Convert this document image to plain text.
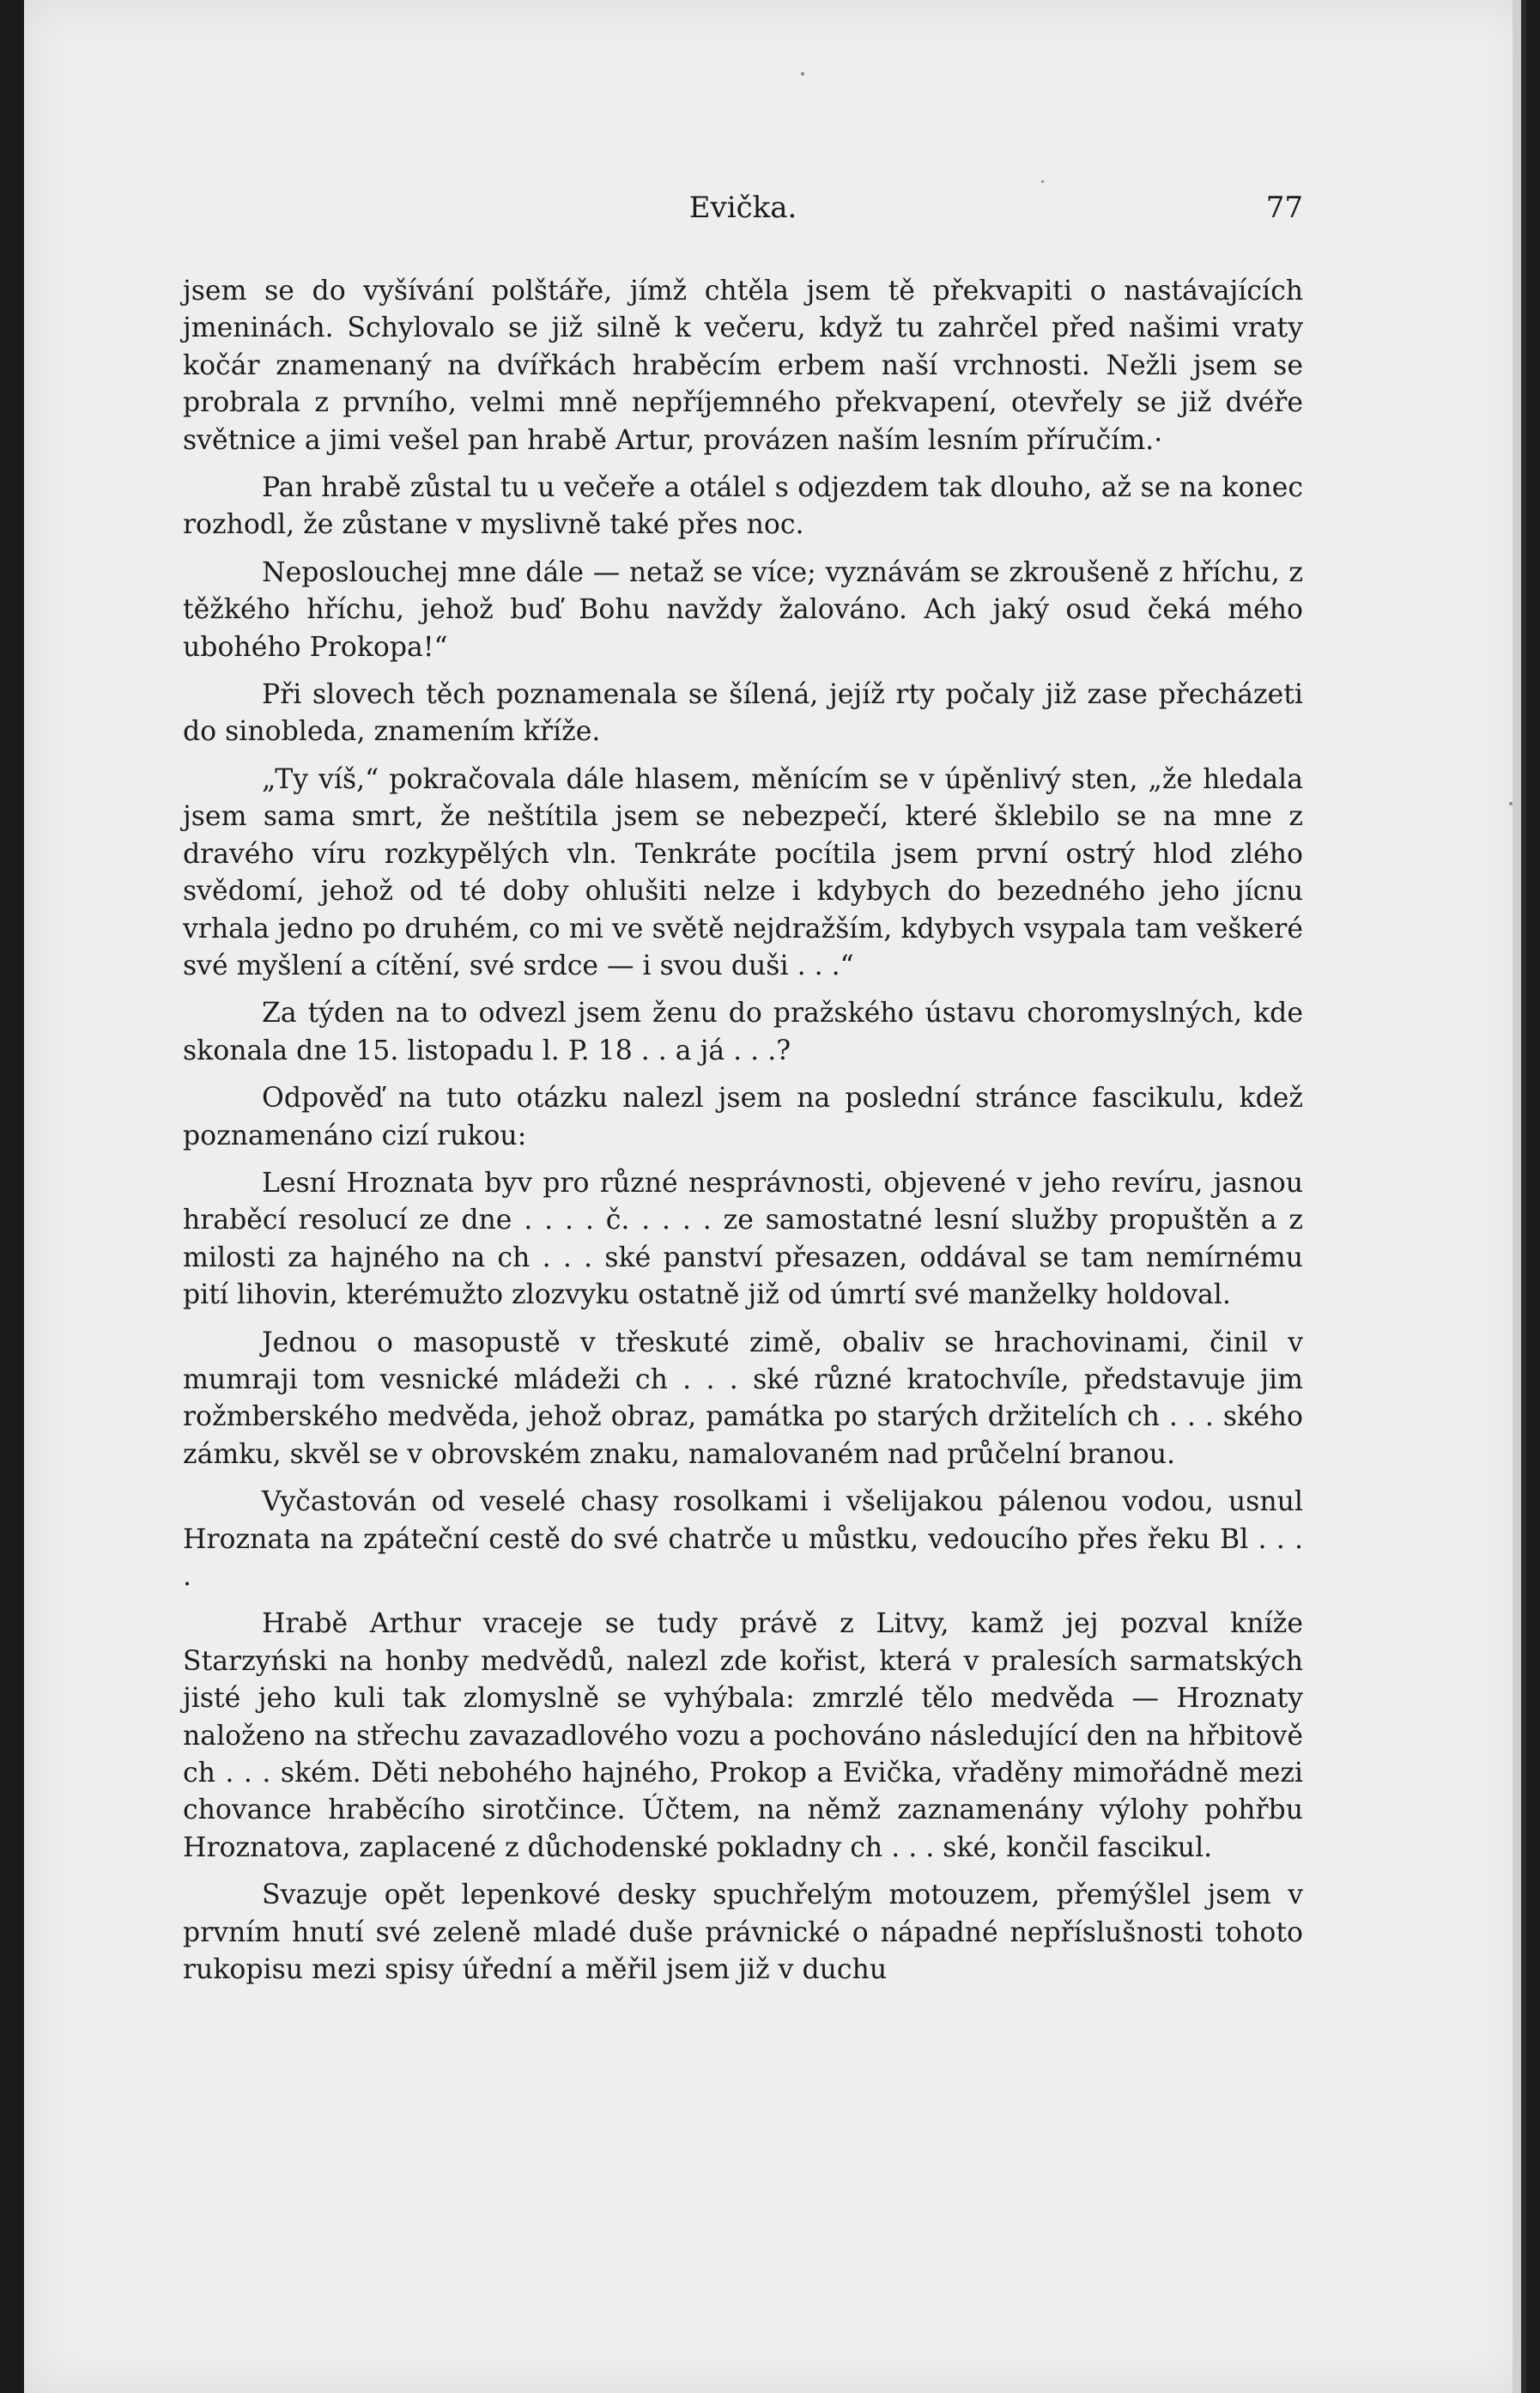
Evička.	77

jsem se do vyšívání polštáře, jímž chtěla jsem tě překvapiti o nastávajících jmeninách. Schylovalo se již silně k večeru, když tu zahrčel před našimi vraty kočár znamenaný na dvířkách hraběcím erbem naší vrchnosti. Nežli jsem se probrala z prvního, velmi mně nepříjemného překvapení, otevřely se již dvéře světnice a jimi vešel pan hrabě Artur, provázen naším lesním příručím.·

Pan hrabě zůstal tu u večeře a otálel s odjezdem tak dlouho, až se na konec rozhodl, že zůstane v myslivně také přes noc.

Neposlouchej mne dále — netaž se více; vyznávám se zkroušeně z hříchu, z těžkého hříchu, jehož buď Bohu navždy žalováno. Ach jaký osud čeká mého ubohého Prokopa!“

Při slovech těch poznamenala se šílená, jejíž rty počaly již zase přecházeti do sinobleda, znamením kříže.

„Ty víš,“ pokračovala dále hlasem, měnícím se v úpěnlivý sten, „že hledala jsem sama smrt, že neštítila jsem se nebezpečí, které šklebilo se na mne z dravého víru rozkypělých vln. Tenkráte pocítila jsem první ostrý hlod zlého svědomí, jehož od té doby ohlušiti nelze i kdybych do bezedného jeho jícnu vrhala jedno po druhém, co mi ve světě nejdražším, kdybych vsypala tam veškeré své myšlení a cítění, své srdce — i svou duši . . .“

Za týden na to odvezl jsem ženu do pražského ústavu choromyslných, kde skonala dne 15. listopadu l. P. 18 . . a já . . .?

Odpověď na tuto otázku nalezl jsem na poslední stránce fascikulu, kdež poznamenáno cizí rukou:

Lesní Hroznata byv pro různé nesprávnosti, objevené v jeho revíru, jasnou hraběcí resolucí ze dne . . . . č. . . . . ze samostatné lesní služby propuštěn a z milosti za hajného na ch . . . ské panství přesazen, oddával se tam nemírnému pití lihovin, kterémužto zlozvyku ostatně již od úmrtí své manželky holdoval.

Jednou o masopustě v třeskuté zimě, obaliv se hrachovinami, činil v mumraji tom vesnické mládeži ch . . . ské různé kratochvíle, představuje jim rožmberského medvěda, jehož obraz, památka po starých držitelích ch . . . ského zámku, skvěl se v obrovském znaku, namalovaném nad průčelní branou.

Vyčastován od veselé chasy rosolkami i všelijakou pálenou vodou, usnul Hroznata na zpáteční cestě do své chatrče u můstku, vedoucího přes řeku Bl . . . .

Hrabě Arthur vraceje se tudy právě z Litvy, kamž jej pozval kníže Starzyński na honby medvědů, nalezl zde kořist, která v pralesích sarmatských jisté jeho kuli tak zlomyslně se vyhýbala: zmrzlé tělo medvěda — Hroznaty naloženo na střechu zavazadlového vozu a pochováno následující den na hřbitově ch . . . ském. Děti nebohého hajného, Prokop a Evička, vřaděny mimořádně mezi chovance hraběcího sirotčince. Účtem, na němž zaznamenány výlohy pohřbu Hroznatova, zaplacené z důchodenské pokladny ch . . . ské, končil fascikul.

Svazuje opět lepenkové desky spuchřelým motouzem, přemýšlel jsem v prvním hnutí své zeleně mladé duše právnické o nápadné nepříslušnosti tohoto rukopisu mezi spisy úřední a měřil jsem již v duchu
